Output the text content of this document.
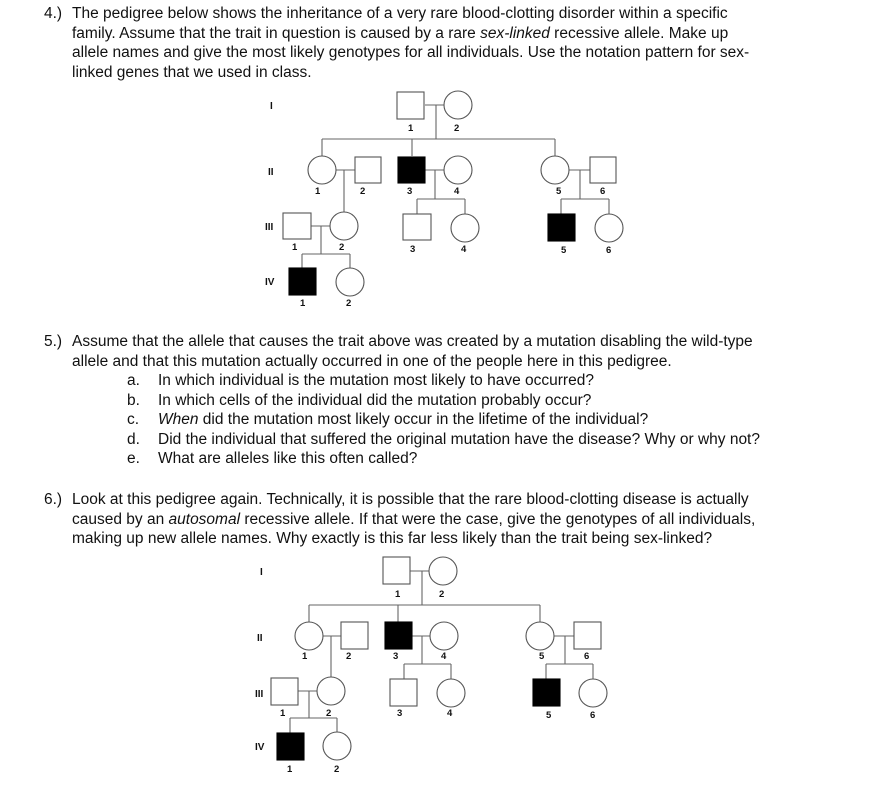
4.) The pedigree below shows the inheritance of a very rare blood-clotting disorder within a specific
family. Assume that the trait in question is caused by a rare sex-linked recessive allele. Make up
allele names and give the most likely genotypes for all individuals. Use the notation pattern for sex-
linked genes that we used in class.
I
II
III
IV
1	2
1	2	3	4	5	6
1	2	3	4	5	6
1	2
5.) Assume that the allele that causes the trait above was created by a mutation disabling the wild-type
allele and that this mutation actually occurred in one of the people here in this pedigree.
a. In which individual is the mutation most likely to have occurred?
b. In which cells of the individual did the mutation probably occur?
c. When did the mutation most likely occur in the lifetime of the individual?
d. Did the individual that suffered the original mutation have the disease? Why or why not?
e. What are alleles like this often called?
6.) Look at this pedigree again. Technically, it is possible that the rare blood-clotting disease is actually
caused by an autosomal recessive allele. If that were the case, give the genotypes of all individuals,
making up new allele names. Why exactly is this far less likely than the trait being sex-linked?
I
II
III
IV
1	2
1	2	3	4	5	6
1	2	3	4	5	6
1	2
